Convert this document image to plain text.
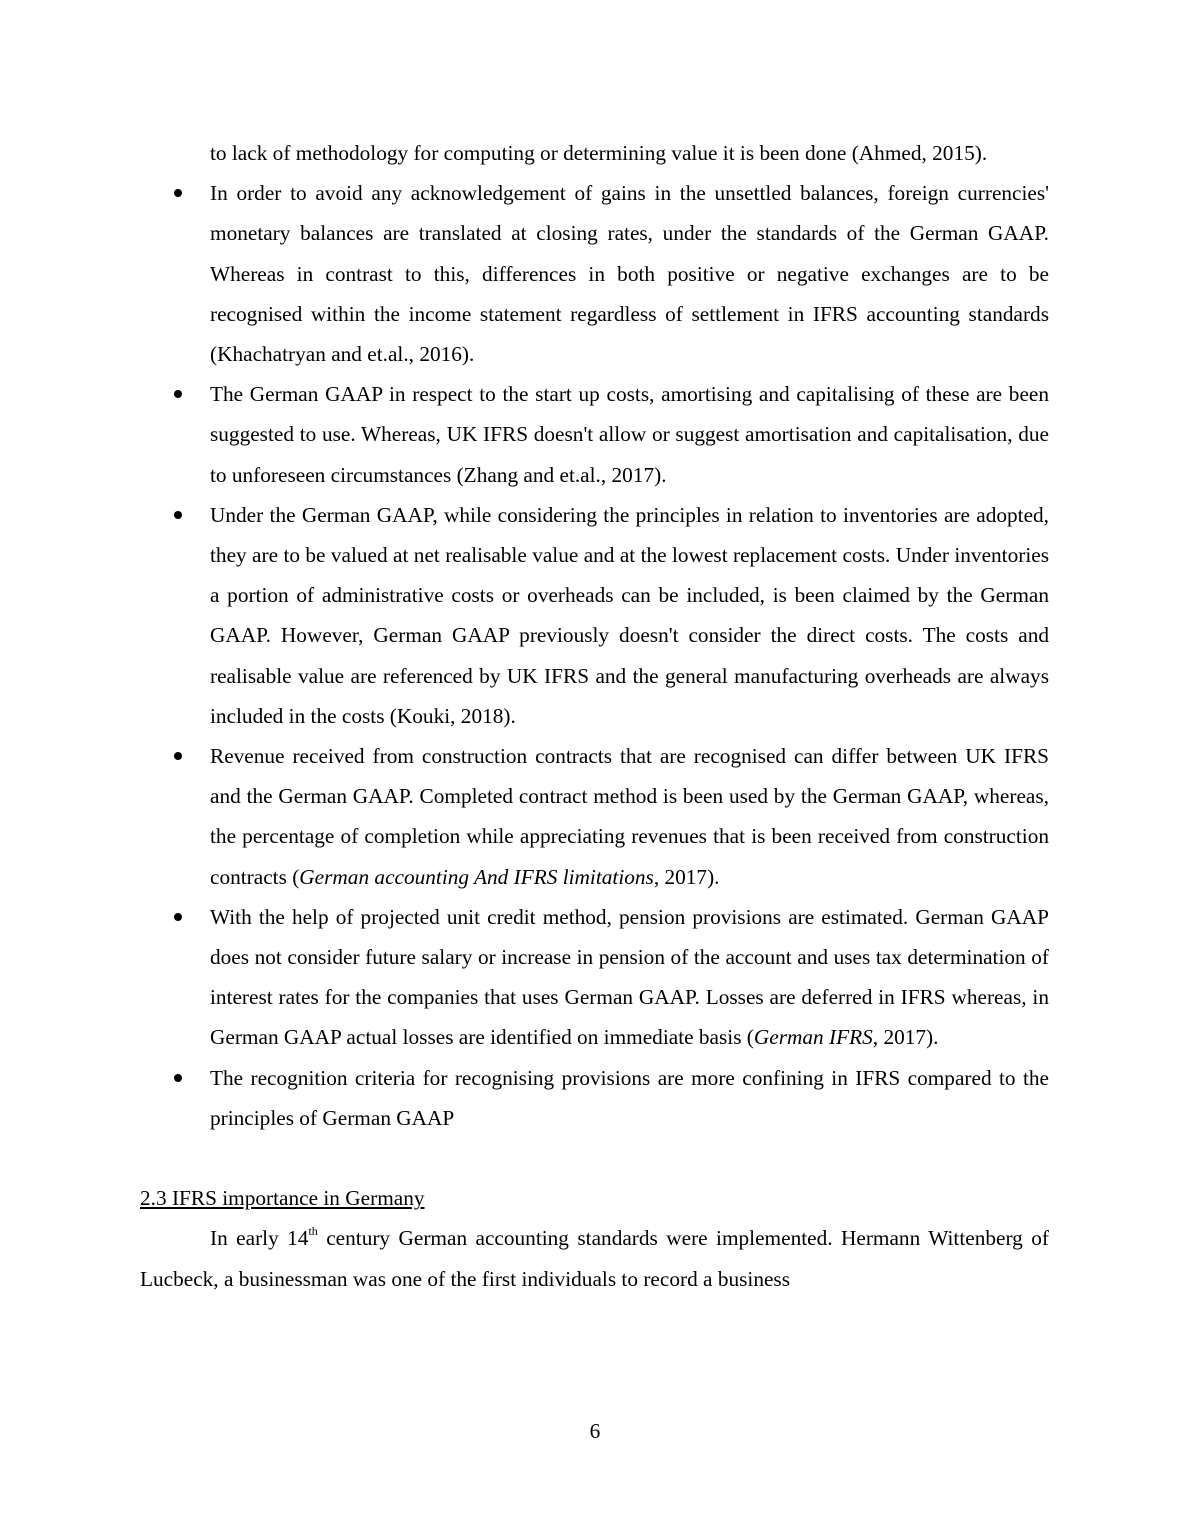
to lack of methodology for computing or determining value it is been done (Ahmed, 2015).

In order to avoid any acknowledgement of gains in the unsettled balances, foreign currencies' monetary balances are translated at closing rates, under the standards of the German GAAP. Whereas in contrast to this, differences in both positive or negative exchanges are to be recognised within the income statement regardless of settlement in IFRS accounting standards (Khachatryan and et.al., 2016).
The German GAAP in respect to the start up costs, amortising and capitalising of these are been suggested to use. Whereas, UK IFRS doesn't allow or suggest amortisation and capitalisation, due to unforeseen circumstances (Zhang and et.al., 2017).
Under the German GAAP, while considering the principles in relation to inventories are adopted, they are to be valued at net realisable value and at the lowest replacement costs. Under inventories a portion of administrative costs or overheads can be included, is been claimed by the German GAAP. However, German GAAP previously doesn't consider the direct costs. The costs and realisable value are referenced by UK IFRS and the general manufacturing overheads are always included in the costs (Kouki, 2018).
Revenue received from construction contracts that are recognised can differ between UK IFRS and the German GAAP. Completed contract method is been used by the German GAAP, whereas, the percentage of completion while appreciating revenues that is been received from construction contracts (German accounting And IFRS limitations, 2017).
With the help of projected unit credit method, pension provisions are estimated. German GAAP does not consider future salary or increase in pension of the account and uses tax determination of interest rates for the companies that uses German GAAP. Losses are deferred in IFRS whereas, in German GAAP actual losses are identified on immediate basis (German IFRS, 2017).
The recognition criteria for recognising provisions are more confining in IFRS compared to the principles of German GAAP

2.3 IFRS importance in Germany

In early 14th century German accounting standards were implemented. Hermann Wittenberg of Lucbeck, a businessman was one of the first individuals to record a business

6
